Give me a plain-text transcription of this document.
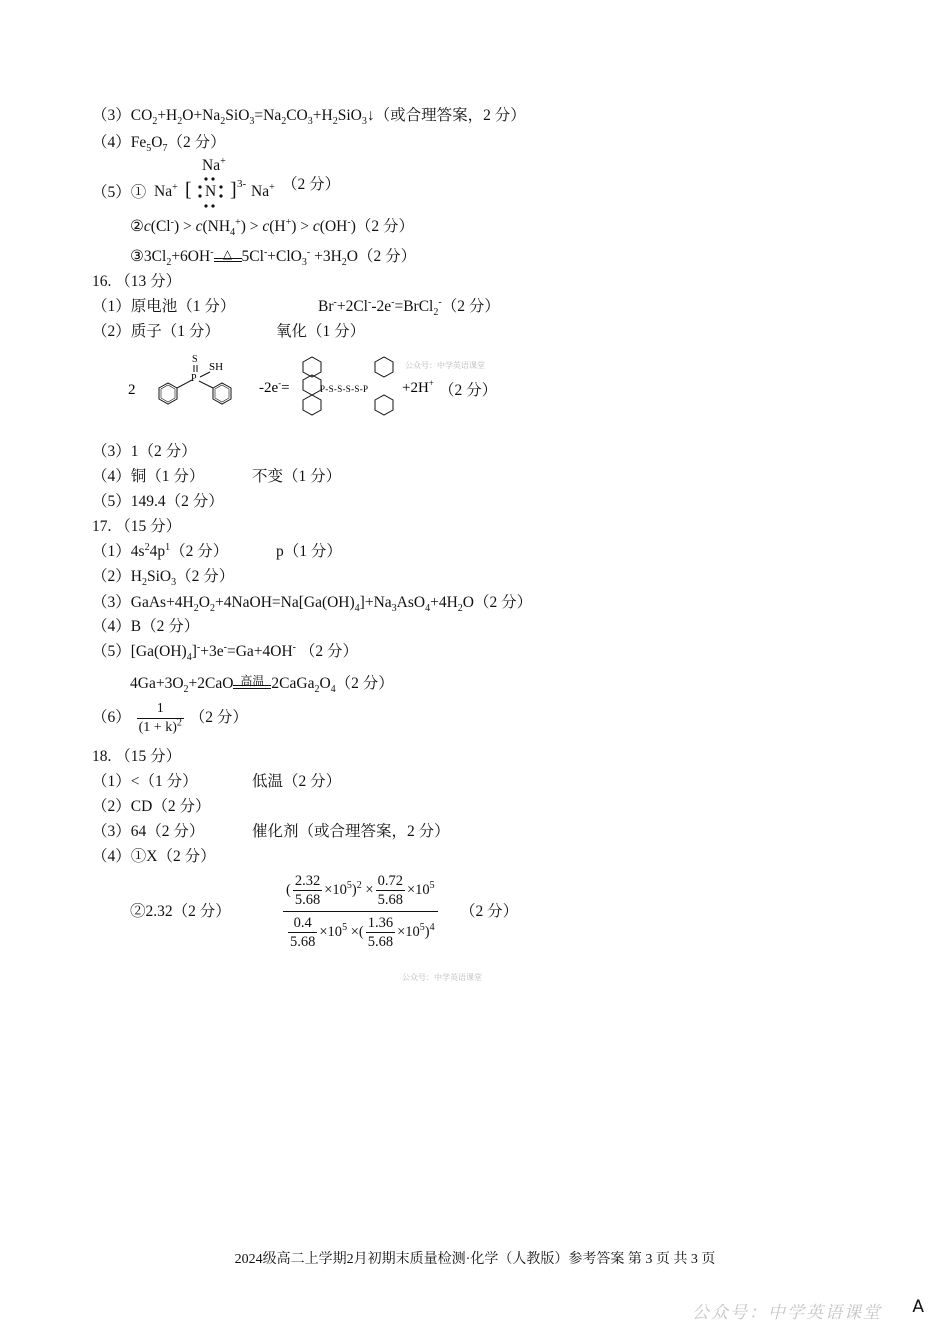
$(3)CO_2+H_2O+Na_2SiO_3=Na_2CO_3+H_2SiO_3↓$（或合理答案，2 分）
$(4)Fe_5O_7(2$ 分）
（5）①
Na+
Na+ [ N ] 3- Na+ （2 分）
②c(Cl-) > $c(NH_4^+) > c(H^+) > c(OH^-)(2$ 分）
$③3Cl_2+6OH^-$ △ $5Cl^-+ClO_3^- +3H_2O(2$ 分）
16. （13 分）
（1）原电池（1 分）	Br-+2Cl--2e-=BrCl$_2$-（2 分）
（2）质子（1 分）	氧化（1 分）
2
P
S
SH
-2e-=	P-S-S-S-S-P +2H+
公众号：中学英语课堂
（2 分）
（3）1（2 分）
（4）铜（1 分）	不变（1 分）
（5）149.4（2 分）
17. （15 分）
$(1)4s^24p^1(2$ 分）	p（1 分）
$(2)H_2SiO_3(2$ 分）
$(3)GaAs+4H_2O_2+4NaOH=Na[Ga(OH)_4]+Na_3AsO_4+4H_2O(2$ 分）
（4）B（2 分）
$(5)[Ga(OH)_4]^-+3e^-=Ga+4OH^-$ （2 分）
$4Ga+3O_2+2CaO$ 高温 $2CaGa_2O_4(2$ 分）
$(6) \frac{1}{(1 + k)^2} (2$ 分）
18. （15 分）
（1）<（1 分）	低温（2 分）
（2）CD（2 分）
（3）64（2 分）	催化剂（或合理答案，2 分）
（4）①X（2 分）
②2.32（2 分）	$\frac{( \frac{2.32}{5.68} \times 10^5)^2 \times \frac{0.72}{5.68} \times 10^5}{\frac{0.4}{5.68} \times 10^5 \times( \frac{1.36}{5.68} \times 10^5)^4} (2$ 分）
公众号：中学英语课堂
2024级高二上学期2月初期末质量检测·化学（人教版）参考答案 第 3 页 共 3 页
公众号：中学英语课堂 A
